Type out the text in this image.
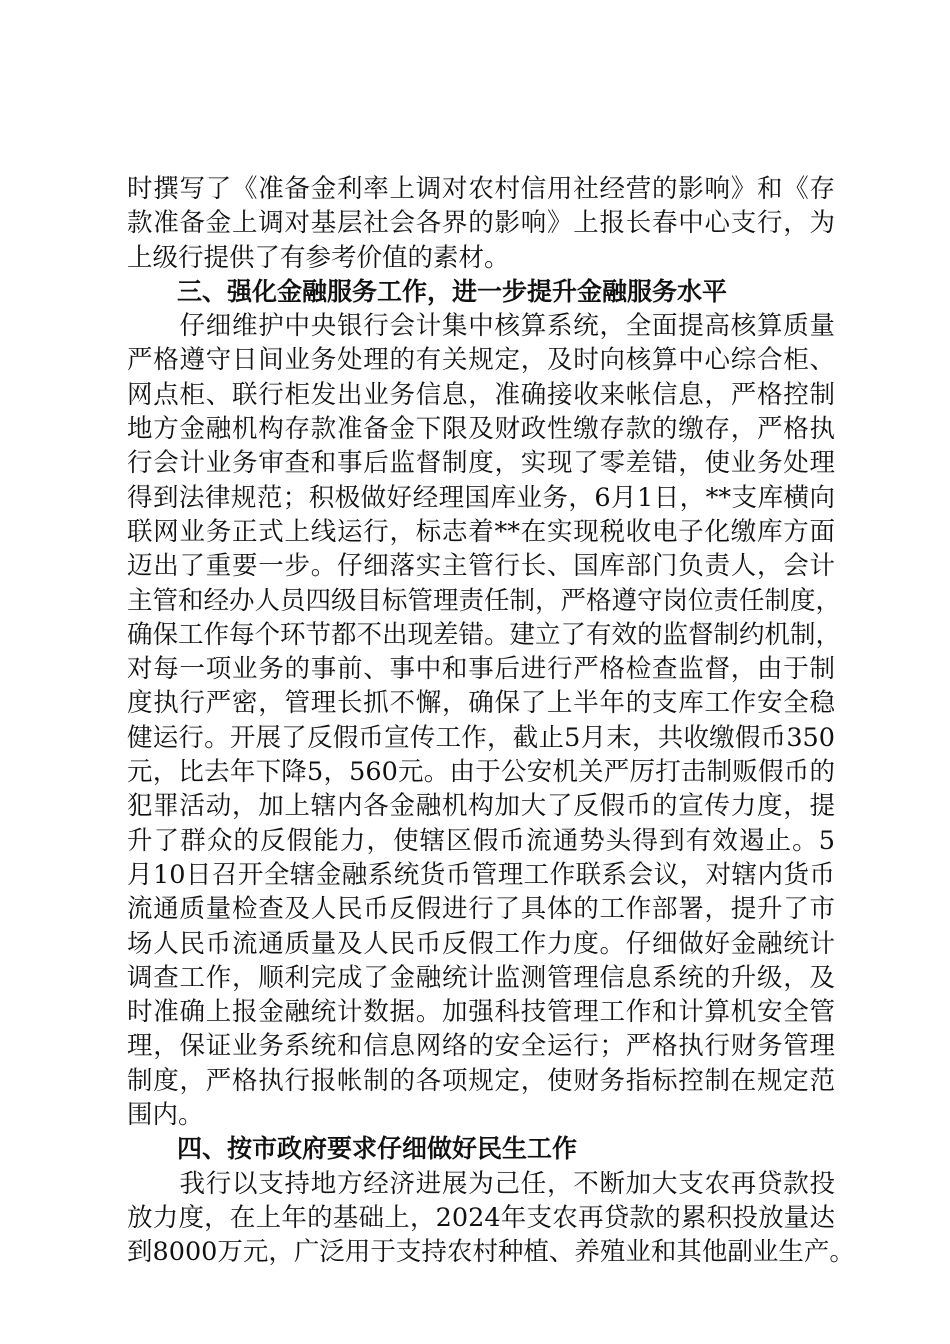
时撰写了《准备金利率上调对农村信用社经营的影响》和《存
款准备金上调对基层社会各界的影响》上报长春中心支行，为
上级行提供了有参考价值的素材。
三、强化金融服务工作，进一步提升金融服务水平
　　仔细维护中央银行会计集中核算系统，全面提高核算质量
严格遵守日间业务处理的有关规定，及时向核算中心综合柜、
网点柜、联行柜发出业务信息，准确接收来帐信息，严格控制
地方金融机构存款准备金下限及财政性缴存款的缴存，严格执
行会计业务审查和事后监督制度，实现了零差错，使业务处理
得到法律规范；积极做好经理国库业务，6月1日，**支库横向
联网业务正式上线运行，标志着**在实现税收电子化缴库方面
迈出了重要一步。仔细落实主管行长、国库部门负责人，会计
主管和经办人员四级目标管理责任制，严格遵守岗位责任制度，
确保工作每个环节都不出现差错。建立了有效的监督制约机制，
对每一项业务的事前、事中和事后进行严格检查监督，由于制
度执行严密，管理长抓不懈，确保了上半年的支库工作安全稳
健运行。开展了反假币宣传工作，截止5月末，共收缴假币350
元，比去年下降5，560元。由于公安机关严厉打击制贩假币的
犯罪活动，加上辖内各金融机构加大了反假币的宣传力度，提
升了群众的反假能力，使辖区假币流通势头得到有效遏止。5
月10日召开全辖金融系统货币管理工作联系会议，对辖内货币
流通质量检查及人民币反假进行了具体的工作部署，提升了市
场人民币流通质量及人民币反假工作力度。仔细做好金融统计
调查工作，顺利完成了金融统计监测管理信息系统的升级，及
时准确上报金融统计数据。加强科技管理工作和计算机安全管
理，保证业务系统和信息网络的安全运行；严格执行财务管理
制度，严格执行报帐制的各项规定，使财务指标控制在规定范
围内。
四、按市政府要求仔细做好民生工作
　　我行以支持地方经济进展为己任，不断加大支农再贷款投
放力度，在上年的基础上，2024年支农再贷款的累积投放量达
到8000万元，广泛用于支持农村种植、养殖业和其他副业生产。
